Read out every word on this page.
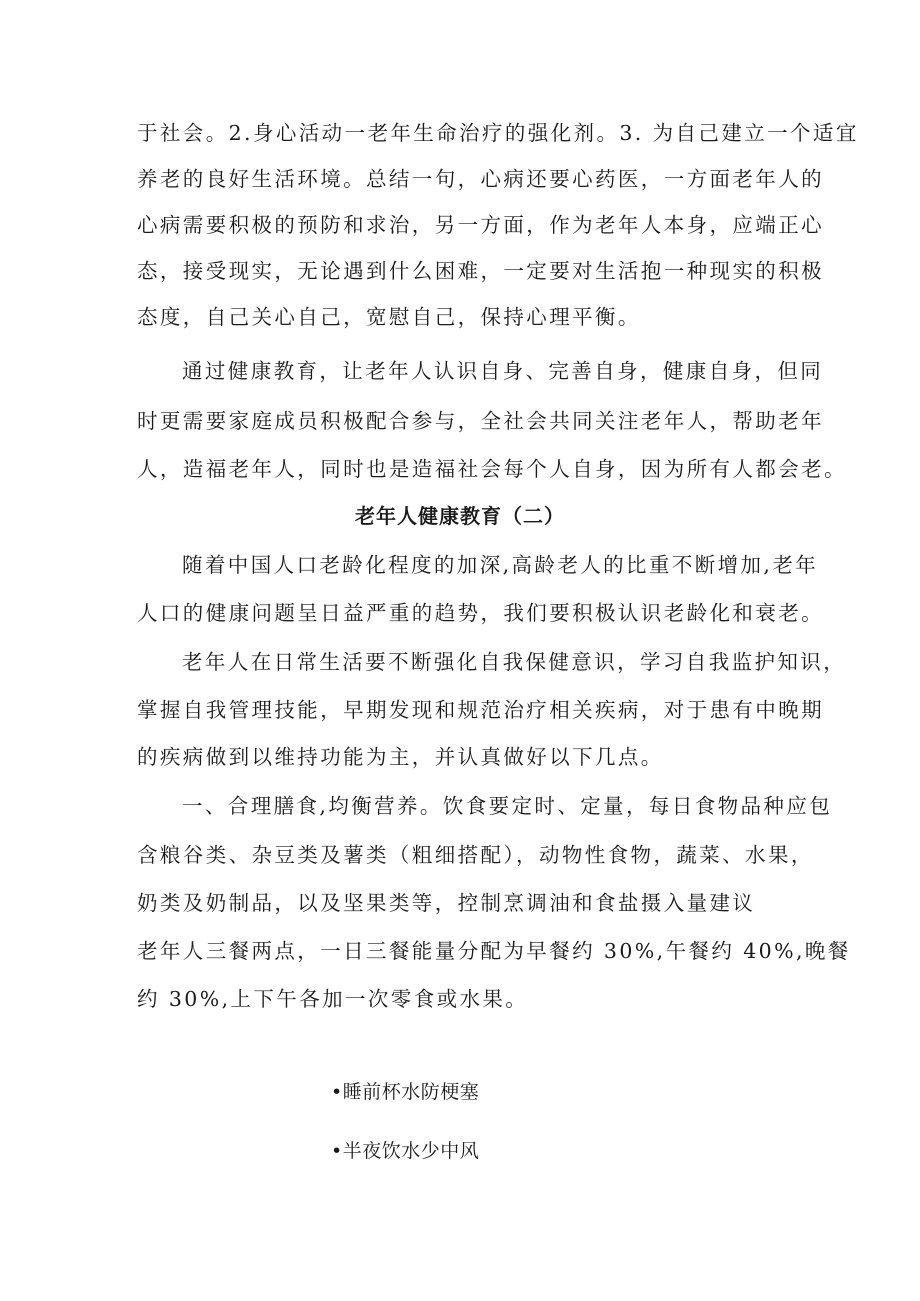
于社会。2.身心活动一老年生命治疗的强化剂。3. 为自己建立一个适宜
养老的良好生活环境。总结一句，心病还要心药医，一方面老年人的
心病需要积极的预防和求治，另一方面，作为老年人本身，应端正心
态，接受现实，无论遇到什么困难，一定要对生活抱一种现实的积极
态度，自己关心自己，宽慰自己，保持心理平衡。
通过健康教育，让老年人认识自身、完善自身，健康自身，但同
时更需要家庭成员积极配合参与，全社会共同关注老年人，帮助老年
人，造福老年人，同时也是造福社会每个人自身，因为所有人都会老。
老年人健康教育（二）
随着中国人口老龄化程度的加深,高龄老人的比重不断增加,老年
人口的健康问题呈日益严重的趋势，我们要积极认识老龄化和衰老。
老年人在日常生活要不断强化自我保健意识，学习自我监护知识，
掌握自我管理技能，早期发现和规范治疗相关疾病，对于患有中晚期
的疾病做到以维持功能为主，并认真做好以下几点。
一、合理膳食,均衡营养。饮食要定时、定量，每日食物品种应包
含粮谷类、杂豆类及薯类（粗细搭配），动物性食物，蔬菜、水果，
奶类及奶制品，以及坚果类等，控制烹调油和食盐摄入量建议
老年人三餐两点，一日三餐能量分配为早餐约 30%,午餐约 40%,晚餐
约 30%,上下午各加一次零食或水果。
•睡前杯水防梗塞
•半夜饮水少中风
